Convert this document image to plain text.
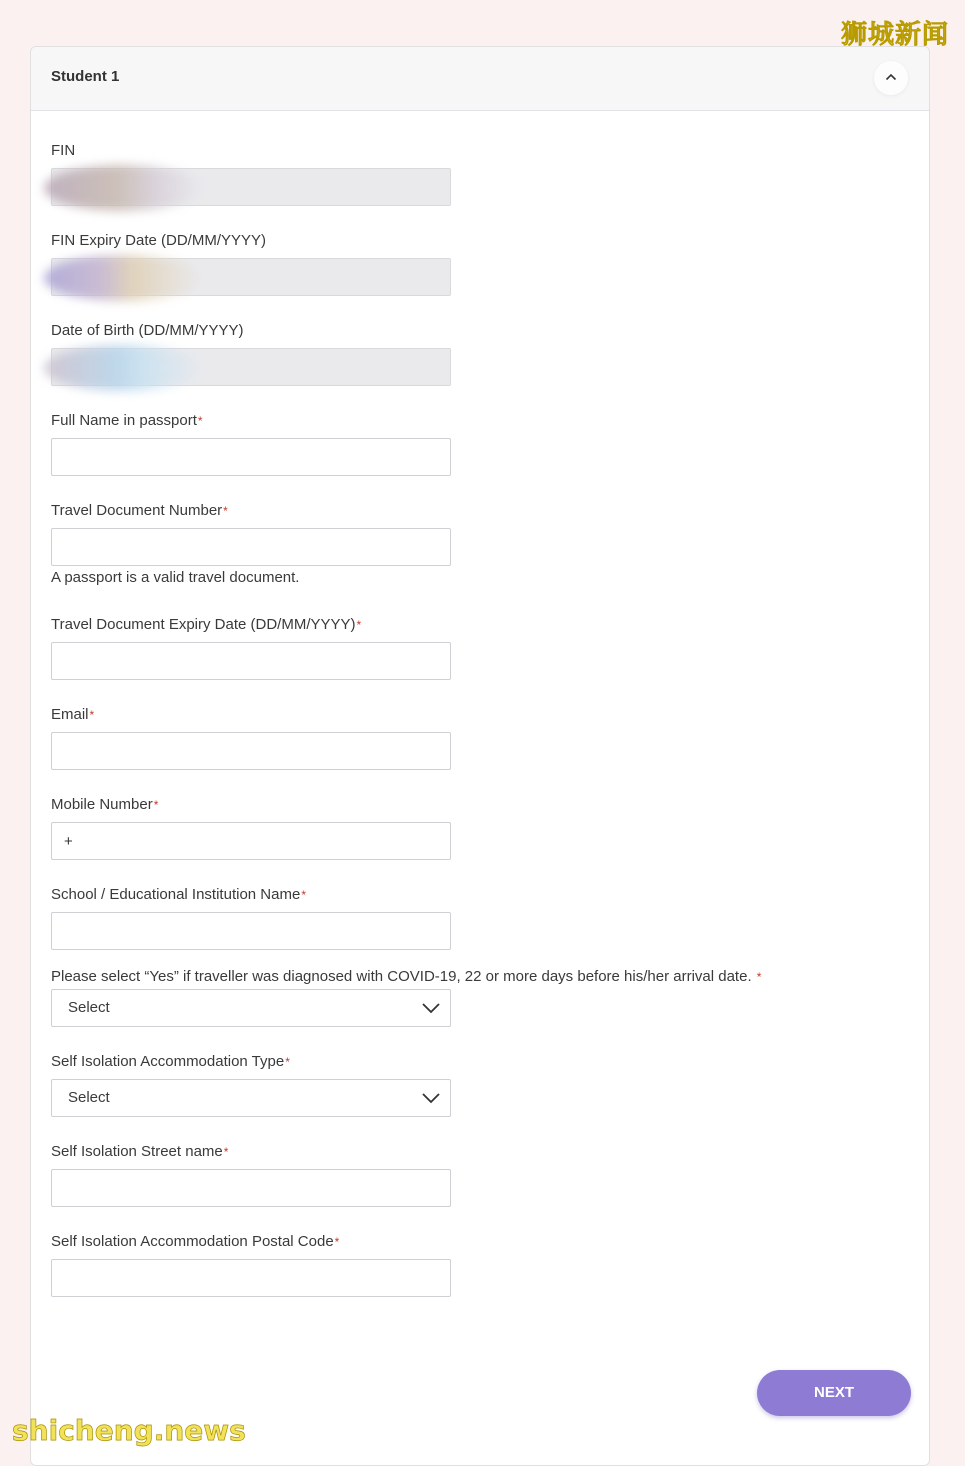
狮城新闻
Student 1
FIN
FIN Expiry Date (DD/MM/YYYY)
Date of Birth (DD/MM/YYYY)
Full Name in passport*
Travel Document Number*
A passport is a valid travel document.
Travel Document Expiry Date (DD/MM/YYYY)*
Email*
Mobile Number*
+
School / Educational Institution Name*
Please select “Yes” if traveller was diagnosed with COVID-19, 22 or more days before his/her arrival date. *
Select
Self Isolation Accommodation Type*
Select
Self Isolation Street name*
Self Isolation Accommodation Postal Code*
NEXT
shicheng.news
